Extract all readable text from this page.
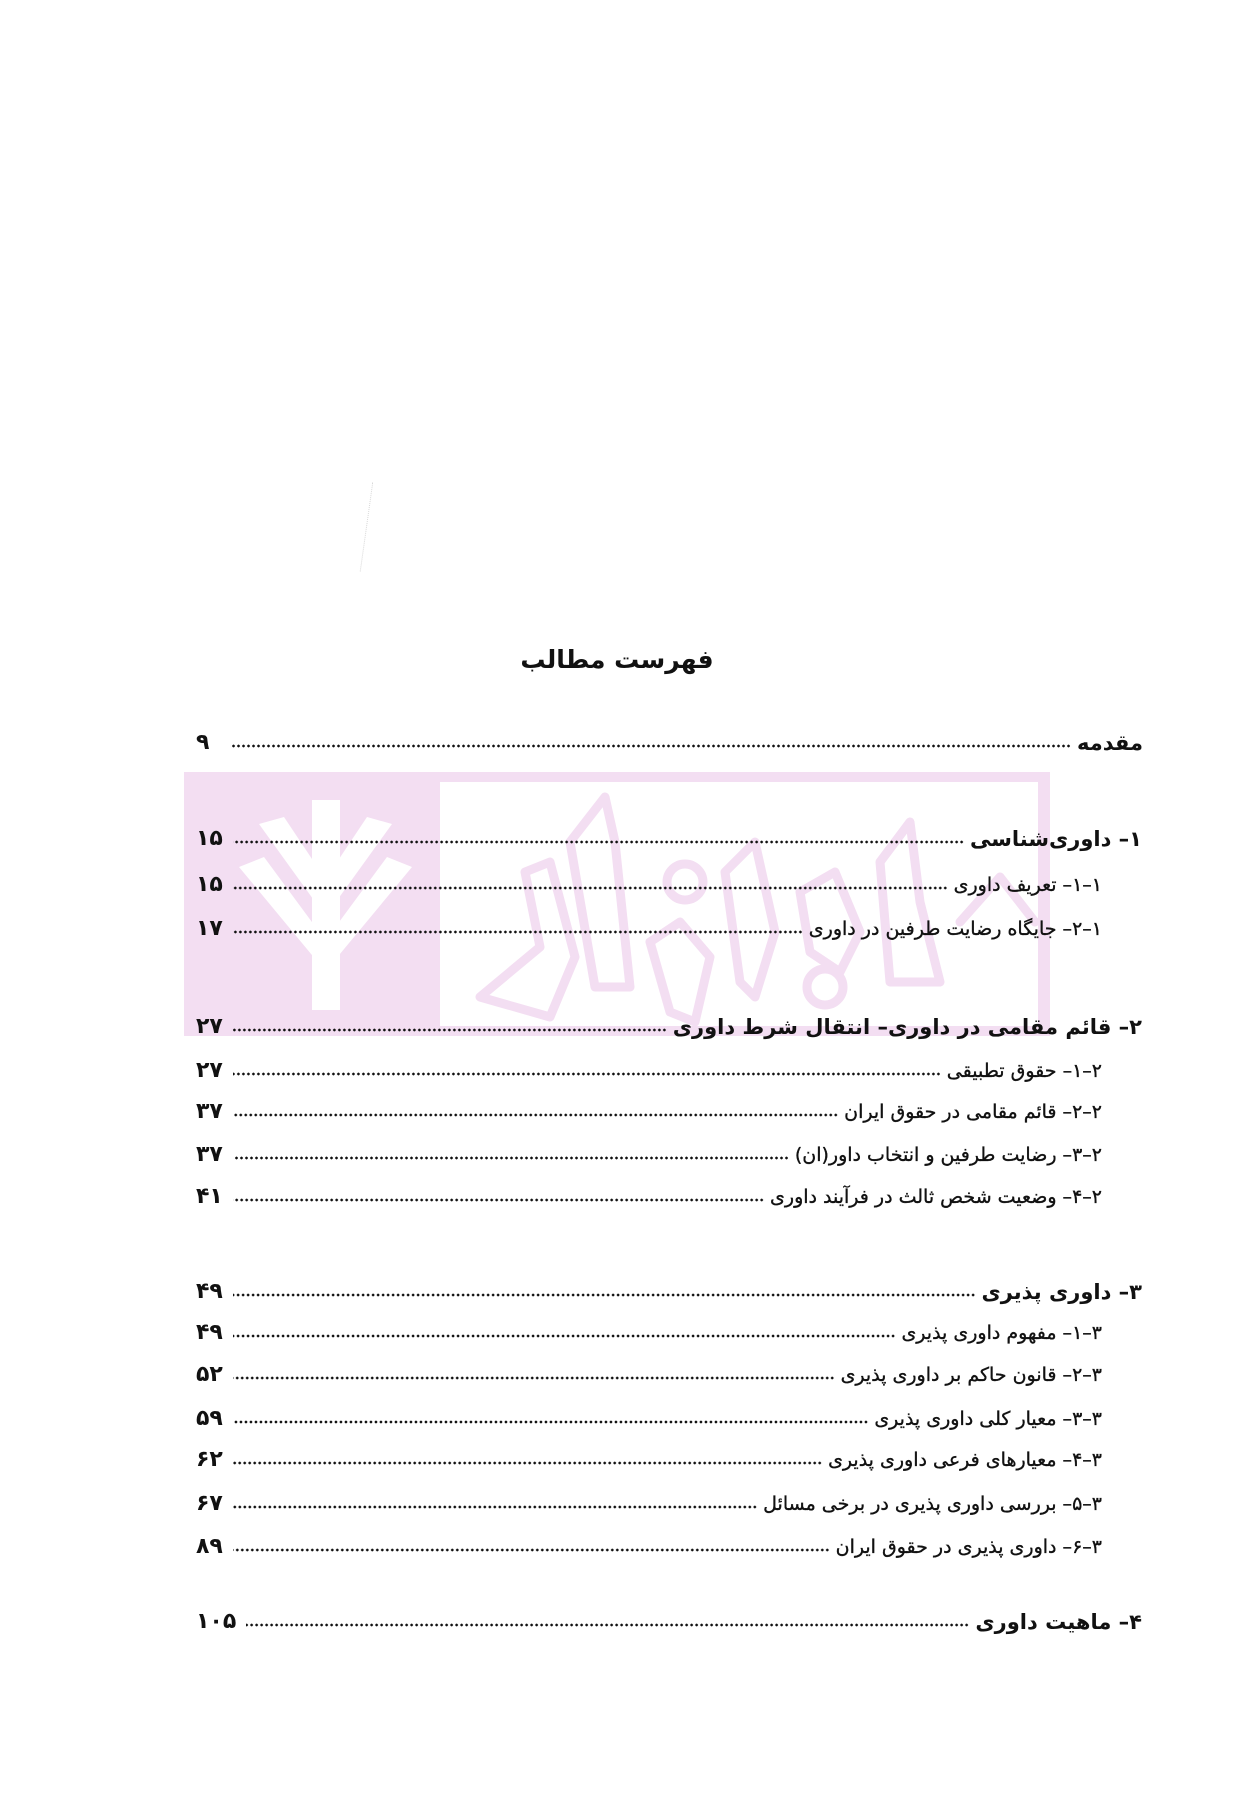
فهرست مطالب
مقدمه
۹
۱– داوری‌شناسی
۱۵
۱–۱– تعریف داوری
۱۵
۱–۲– جایگاه رضایت طرفین در داوری
۱۷
۲– قائم مقامی در داوری– انتقال شرط داوری
۲۷
۲–۱– حقوق تطبیقی
۲۷
۲–۲– قائم مقامی در حقوق ایران
۳۷
۲–۳– رضایت طرفین و انتخاب داور(ان)
۳۷
۲–۴– وضعیت شخص ثالث در فرآیند داوری
۴۱
۳– داوری پذیری
۴۹
۳–۱– مفهوم داوری پذیری
۴۹
۳–۲– قانون حاکم بر داوری پذیری
۵۲
۳–۳– معیار کلی داوری پذیری
۵۹
۳–۴– معیارهای فرعی داوری پذیری
۶۲
۳–۵– بررسی داوری پذیری در برخی مسائل
۶۷
۳–۶– داوری پذیری در حقوق ایران
۸۹
۴– ماهیت داوری
۱۰۵
